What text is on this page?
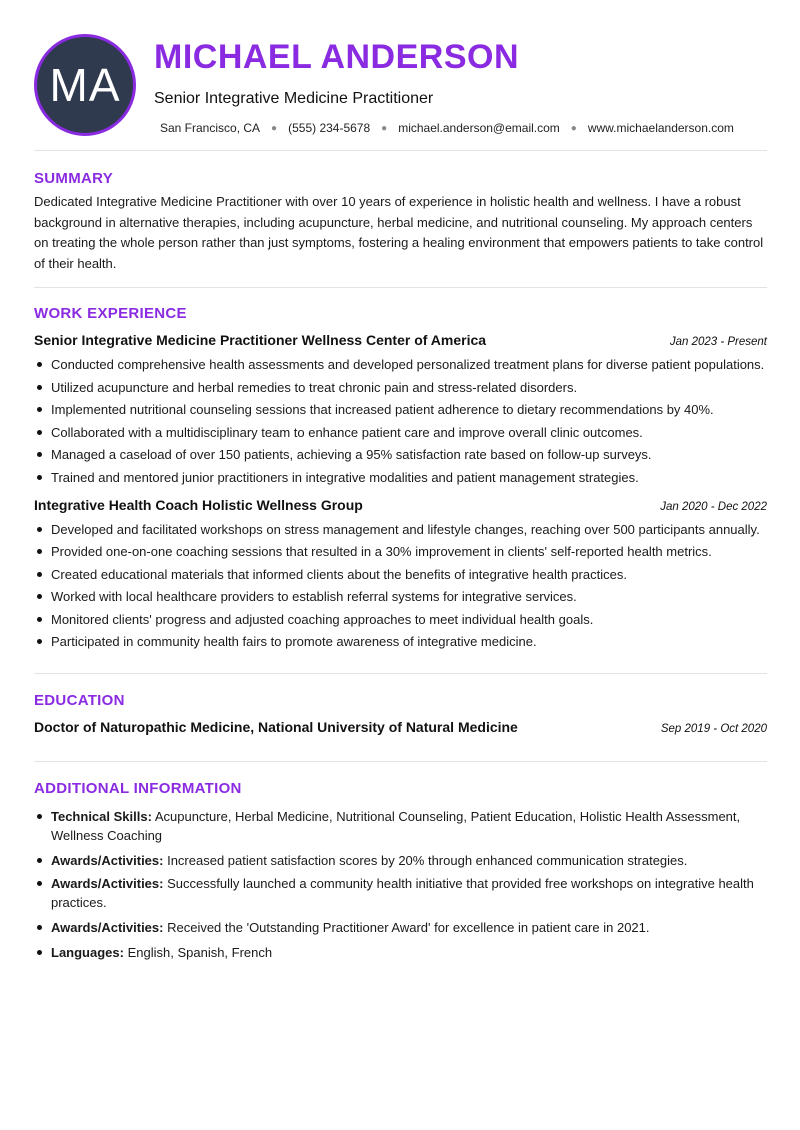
MA
MICHAEL ANDERSON
Senior Integrative Medicine Practitioner
San Francisco, CA ● (555) 234-5678 ● michael.anderson@email.com ● www.michaelanderson.com
SUMMARY

Dedicated Integrative Medicine Practitioner with over 10 years of experience in holistic health and wellness. I have a robust background in alternative therapies, including acupuncture, herbal medicine, and nutritional counseling. My approach centers on treating the whole person rather than just symptoms, fostering a healing environment that empowers patients to take control of their health.

WORK EXPERIENCE
Senior Integrative Medicine Practitioner Wellness Center of America	Jan 2023 - Present
Conducted comprehensive health assessments and developed personalized treatment plans for diverse patient populations.
Utilized acupuncture and herbal remedies to treat chronic pain and stress-related disorders.
Implemented nutritional counseling sessions that increased patient adherence to dietary recommendations by 40%.
Collaborated with a multidisciplinary team to enhance patient care and improve overall clinic outcomes.
Managed a caseload of over 150 patients, achieving a 95% satisfaction rate based on follow-up surveys.
Trained and mentored junior practitioners in integrative modalities and patient management strategies.
Integrative Health Coach Holistic Wellness Group	Jan 2020 - Dec 2022
Developed and facilitated workshops on stress management and lifestyle changes, reaching over 500 participants annually.
Provided one-on-one coaching sessions that resulted in a 30% improvement in clients' self-reported health metrics.
Created educational materials that informed clients about the benefits of integrative health practices.
Worked with local healthcare providers to establish referral systems for integrative services.
Monitored clients' progress and adjusted coaching approaches to meet individual health goals.
Participated in community health fairs to promote awareness of integrative medicine.
EDUCATION
Doctor of Naturopathic Medicine, National University of Natural Medicine	Sep 2019 - Oct 2020
ADDITIONAL INFORMATION
Technical Skills: Acupuncture, Herbal Medicine, Nutritional Counseling, Patient Education, Holistic Health Assessment, Wellness Coaching
Awards/Activities: Increased patient satisfaction scores by 20% through enhanced communication strategies.
Awards/Activities: Successfully launched a community health initiative that provided free workshops on integrative health practices.
Awards/Activities: Received the 'Outstanding Practitioner Award' for excellence in patient care in 2021.
Languages: English, Spanish, French
